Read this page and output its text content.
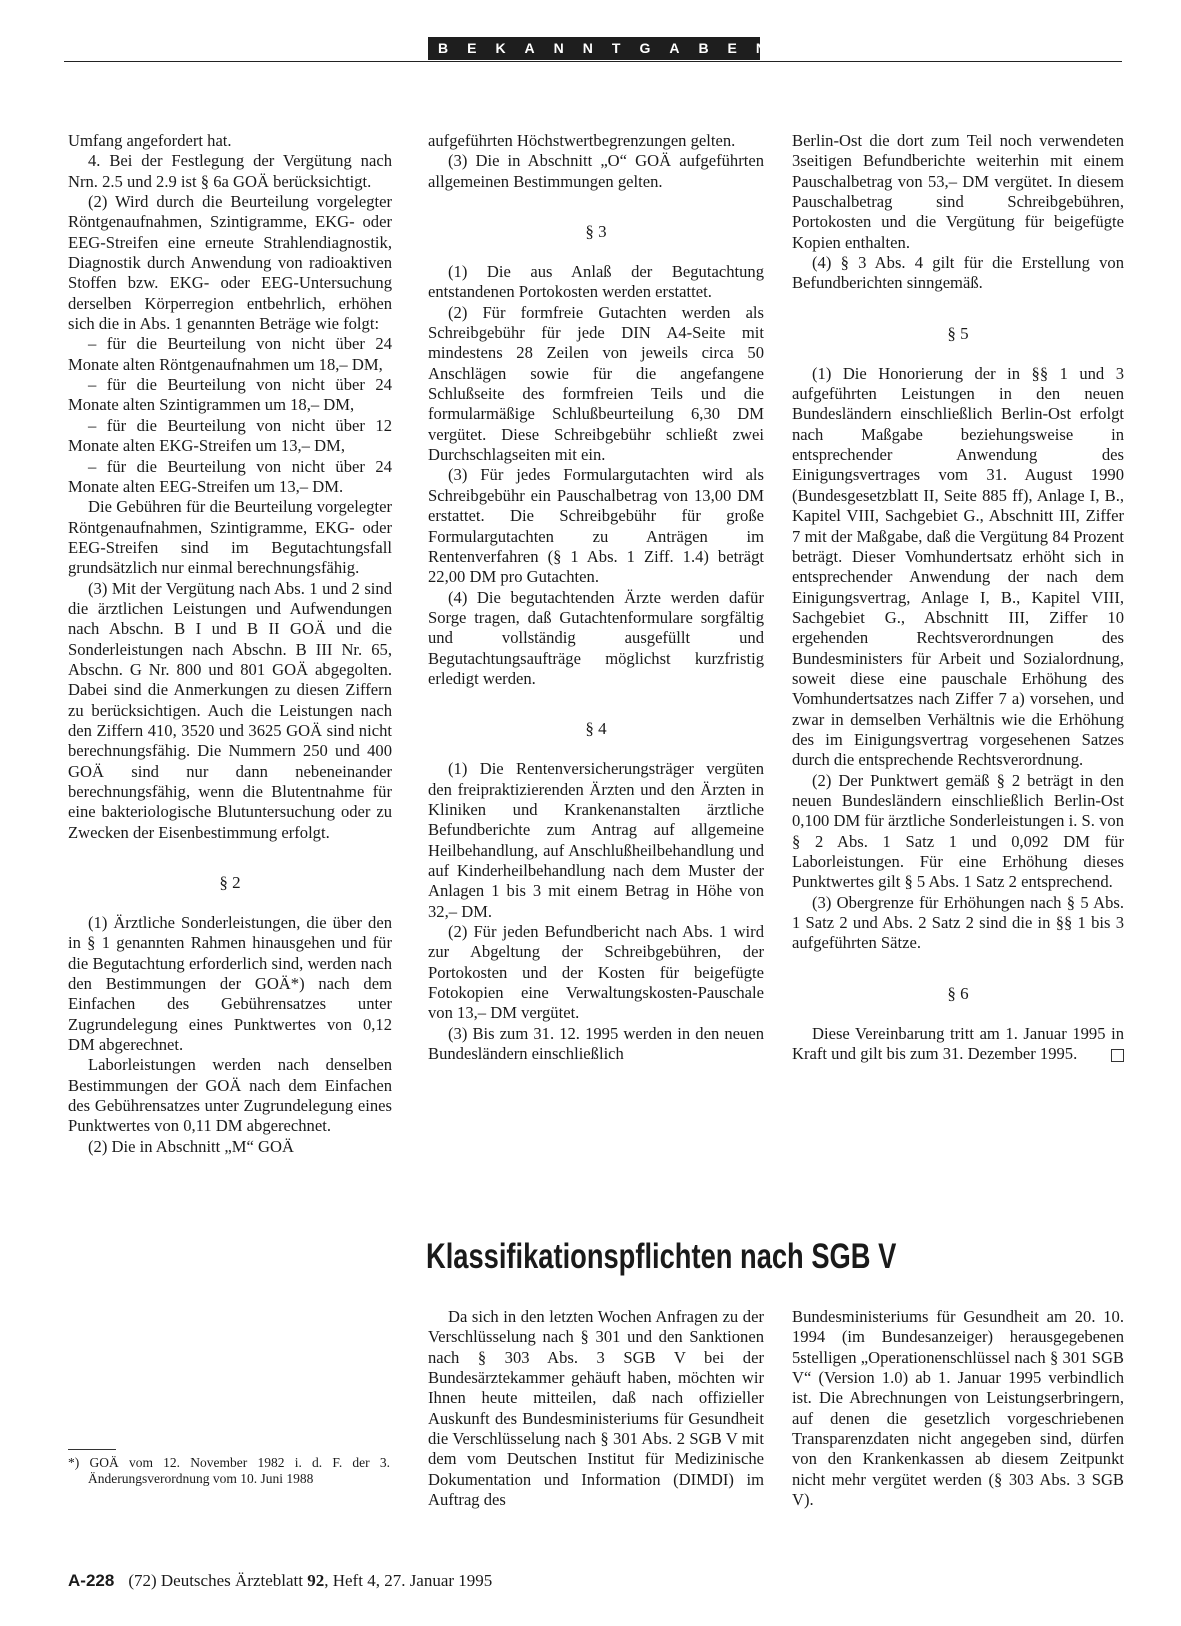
BEKANNTGABEN

Umfang angefordert hat.

4. Bei der Festlegung der Vergütung nach Nrn. 2.5 und 2.9 ist § 6a GOÄ berücksichtigt.

(2) Wird durch die Beurteilung vorgelegter Röntgenaufnahmen, Szintigramme, EKG- oder EEG-Streifen eine erneute Strahlendiagnostik, Diagnostik durch Anwendung von radioaktiven Stoffen bzw. EKG- oder EEG-Untersuchung derselben Körperregion entbehrlich, erhöhen sich die in Abs. 1 genannten Beträge wie folgt:

– für die Beurteilung von nicht über 24 Monate alten Röntgenaufnahmen um 18,– DM,

– für die Beurteilung von nicht über 24 Monate alten Szintigrammen um 18,– DM,

– für die Beurteilung von nicht über 12 Monate alten EKG-Streifen um 13,– DM,

– für die Beurteilung von nicht über 24 Monate alten EEG-Streifen um 13,– DM.

Die Gebühren für die Beurteilung vorgelegter Röntgenaufnahmen, Szintigramme, EKG- oder EEG-Streifen sind im Begutachtungsfall grundsätzlich nur einmal berechnungsfähig.

(3) Mit der Vergütung nach Abs. 1 und 2 sind die ärztlichen Leistungen und Aufwendungen nach Abschn. B I und B II GOÄ und die Sonderleistungen nach Abschn. B III Nr. 65, Abschn. G Nr. 800 und 801 GOÄ abgegolten. Dabei sind die Anmerkungen zu diesen Ziffern zu berücksichtigen. Auch die Leistungen nach den Ziffern 410, 3520 und 3625 GOÄ sind nicht berechnungsfähig. Die Nummern 250 und 400 GOÄ sind nur dann nebeneinander berechnungsfähig, wenn die Blutentnahme für eine bakteriologische Blutuntersuchung oder zu Zwecken der Eisenbestimmung erfolgt.

§ 2

(1) Ärztliche Sonderleistungen, die über den in § 1 genannten Rahmen hinausgehen und für die Begutachtung erforderlich sind, werden nach den Bestimmungen der GOÄ*) nach dem Einfachen des Gebührensatzes unter Zugrundelegung eines Punktwertes von 0,12 DM abgerechnet.

Laborleistungen werden nach denselben Bestimmungen der GOÄ nach dem Einfachen des Gebührensatzes unter Zugrundelegung eines Punktwertes von 0,11 DM abgerechnet.

(2) Die in Abschnitt „M“ GOÄ

*) GOÄ vom 12. November 1982 i. d. F. der 3. Änderungsverordnung vom 10. Juni 1988

aufgeführten Höchstwertbegrenzungen gelten.

(3) Die in Abschnitt „O“ GOÄ aufgeführten allgemeinen Bestimmungen gelten.

§ 3

(1) Die aus Anlaß der Begutachtung entstandenen Portokosten werden erstattet.

(2) Für formfreie Gutachten werden als Schreibgebühr für jede DIN A4-Seite mit mindestens 28 Zeilen von jeweils circa 50 Anschlägen sowie für die angefangene Schlußseite des formfreien Teils und die formularmäßige Schlußbeurteilung 6,30 DM vergütet. Diese Schreibgebühr schließt zwei Durchschlagseiten mit ein.

(3) Für jedes Formulargutachten wird als Schreibgebühr ein Pauschalbetrag von 13,00 DM erstattet. Die Schreibgebühr für große Formulargutachten zu Anträgen im Rentenverfahren (§ 1 Abs. 1 Ziff. 1.4) beträgt 22,00 DM pro Gutachten.

(4) Die begutachtenden Ärzte werden dafür Sorge tragen, daß Gutachtenformulare sorgfältig und vollständig ausgefüllt und Begutachtungsaufträge möglichst kurzfristig erledigt werden.

§ 4

(1) Die Rentenversicherungsträger vergüten den freipraktizierenden Ärzten und den Ärzten in Kliniken und Krankenanstalten ärztliche Befundberichte zum Antrag auf allgemeine Heilbehandlung, auf Anschlußheilbehandlung und auf Kinderheilbehandlung nach dem Muster der Anlagen 1 bis 3 mit einem Betrag in Höhe von 32,– DM.

(2) Für jeden Befundbericht nach Abs. 1 wird zur Abgeltung der Schreibgebühren, der Portokosten und der Kosten für beigefügte Fotokopien eine Verwaltungskosten-Pauschale von 13,– DM vergütet.

(3) Bis zum 31. 12. 1995 werden in den neuen Bundesländern einschließlich

Berlin-Ost die dort zum Teil noch verwendeten 3seitigen Befundberichte weiterhin mit einem Pauschalbetrag von 53,– DM vergütet. In diesem Pauschalbetrag sind Schreibgebühren, Portokosten und die Vergütung für beigefügte Kopien enthalten.

(4) § 3 Abs. 4 gilt für die Erstellung von Befundberichten sinngemäß.

§ 5

(1) Die Honorierung der in §§ 1 und 3 aufgeführten Leistungen in den neuen Bundesländern einschließlich Berlin-Ost erfolgt nach Maßgabe beziehungsweise in entsprechender Anwendung des Einigungsvertrages vom 31. August 1990 (Bundesgesetzblatt II, Seite 885 ff), Anlage I, B., Kapitel VIII, Sachgebiet G., Abschnitt III, Ziffer 7 mit der Maßgabe, daß die Vergütung 84 Prozent beträgt. Dieser Vomhundertsatz erhöht sich in entsprechender Anwendung der nach dem Einigungsvertrag, Anlage I, B., Kapitel VIII, Sachgebiet G., Abschnitt III, Ziffer 10 ergehenden Rechtsverordnungen des Bundesministers für Arbeit und Sozialordnung, soweit diese eine pauschale Erhöhung des Vomhundertsatzes nach Ziffer 7 a) vorsehen, und zwar in demselben Verhältnis wie die Erhöhung des im Einigungsvertrag vorgesehenen Satzes durch die entsprechende Rechtsverordnung.

(2) Der Punktwert gemäß § 2 beträgt in den neuen Bundesländern einschließlich Berlin-Ost 0,100 DM für ärztliche Sonderleistungen i. S. von § 2 Abs. 1 Satz 1 und 0,092 DM für Laborleistungen. Für eine Erhöhung dieses Punktwertes gilt § 5 Abs. 1 Satz 2 entsprechend.

(3) Obergrenze für Erhöhungen nach § 5 Abs. 1 Satz 2 und Abs. 2 Satz 2 sind die in §§ 1 bis 3 aufgeführten Sätze.

§ 6

Diese Vereinbarung tritt am 1. Januar 1995 in Kraft und gilt bis zum 31. Dezember 1995.

Klassifikationspflichten nach SGB V

Da sich in den letzten Wochen Anfragen zu der Verschlüsselung nach § 301 und den Sanktionen nach § 303 Abs. 3 SGB V bei der Bundesärztekammer gehäuft haben, möchten wir Ihnen heute mitteilen, daß nach offizieller Auskunft des Bundesministeriums für Gesundheit die Verschlüsselung nach § 301 Abs. 2 SGB V mit dem vom Deutschen Institut für Medizinische Dokumentation und Information (DIMDI) im Auftrag des

Bundesministeriums für Gesundheit am 20. 10. 1994 (im Bundesanzeiger) herausgegebenen 5stelligen „Operationenschlüssel nach § 301 SGB V“ (Version 1.0) ab 1. Januar 1995 verbindlich ist. Die Abrechnungen von Leistungserbringern, auf denen die gesetzlich vorgeschriebenen Transparenzdaten nicht angegeben sind, dürfen von den Krankenkassen ab diesem Zeitpunkt nicht mehr vergütet werden (§ 303 Abs. 3 SGB V).

A-228 (72) Deutsches Ärzteblatt 92, Heft 4, 27. Januar 1995
